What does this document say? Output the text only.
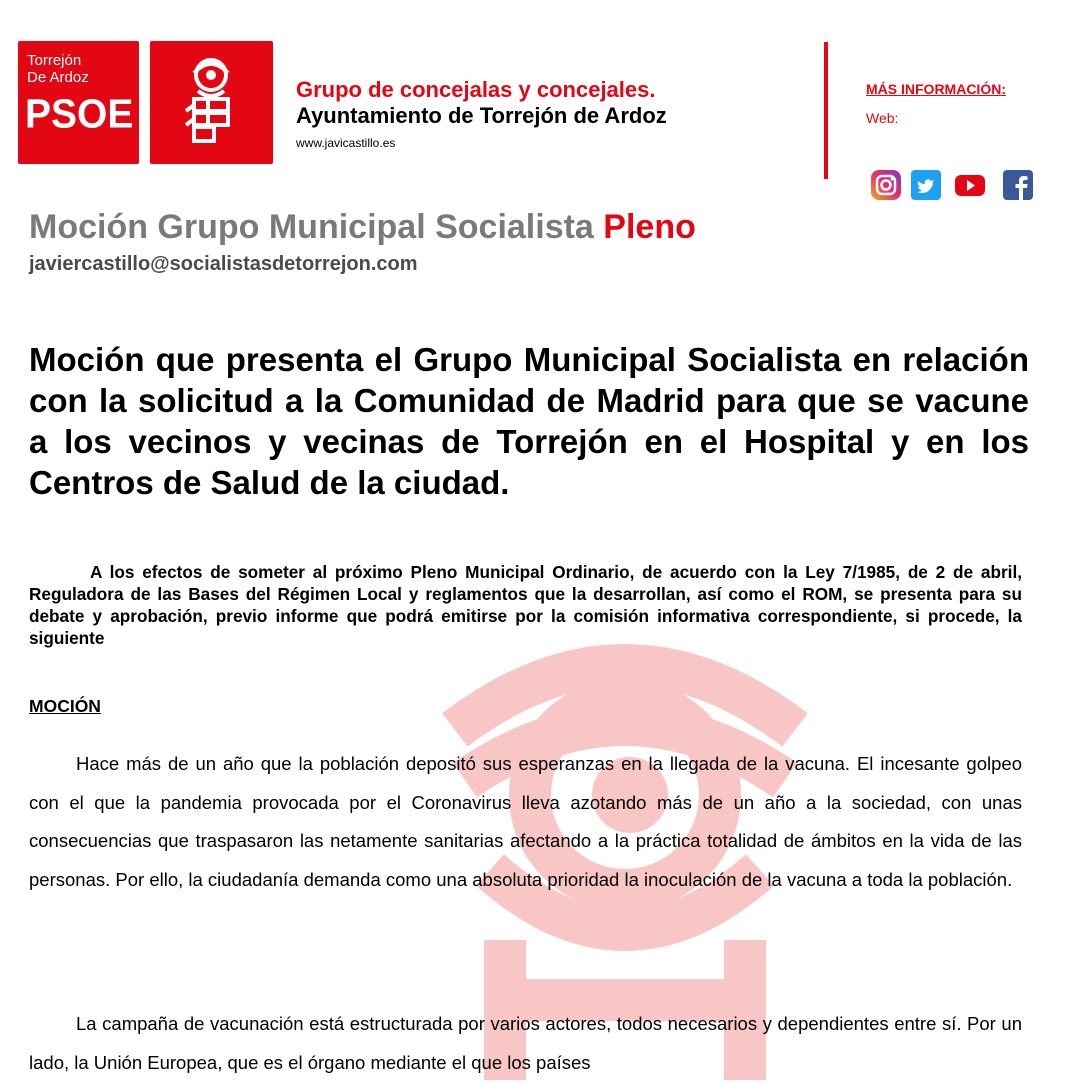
Torrejón
De Ardoz
PSOE
Grupo de concejalas y concejales.
Ayuntamiento de Torrejón de Ardoz
www.javicastillo.es
MÁS INFORMACIÓN:
Web:
Moción Grupo Municipal Socialista Pleno
javiercastillo@socialistasdetorrejon.com
Moción que presenta el Grupo Municipal Socialista en relación con la solicitud a la Comunidad de Madrid para que se vacune a los vecinos y vecinas de Torrejón en el Hospital y en los Centros de Salud de la ciudad.
A los efectos de someter al próximo Pleno Municipal Ordinario, de acuerdo con la Ley 7/1985, de 2 de abril, Reguladora de las Bases del Régimen Local y reglamentos que la desarrollan, así como el ROM, se presenta para su debate y aprobación, previo informe que podrá emitirse por la comisión informativa correspondiente, si procede, la siguiente
MOCIÓN
Hace más de un año que la población depositó sus esperanzas en la llegada de la vacuna. El incesante golpeo con el que la pandemia provocada por el Coronavirus lleva azotando más de un año a la sociedad, con unas consecuencias que traspasaron las netamente sanitarias afectando a la práctica totalidad de ámbitos en la vida de las personas. Por ello, la ciudadanía demanda como una absoluta prioridad la inoculación de la vacuna a toda la población.
La campaña de vacunación está estructurada por varios actores, todos necesarios y dependientes entre sí. Por un lado, la Unión Europea, que es el órgano mediante el que los países
